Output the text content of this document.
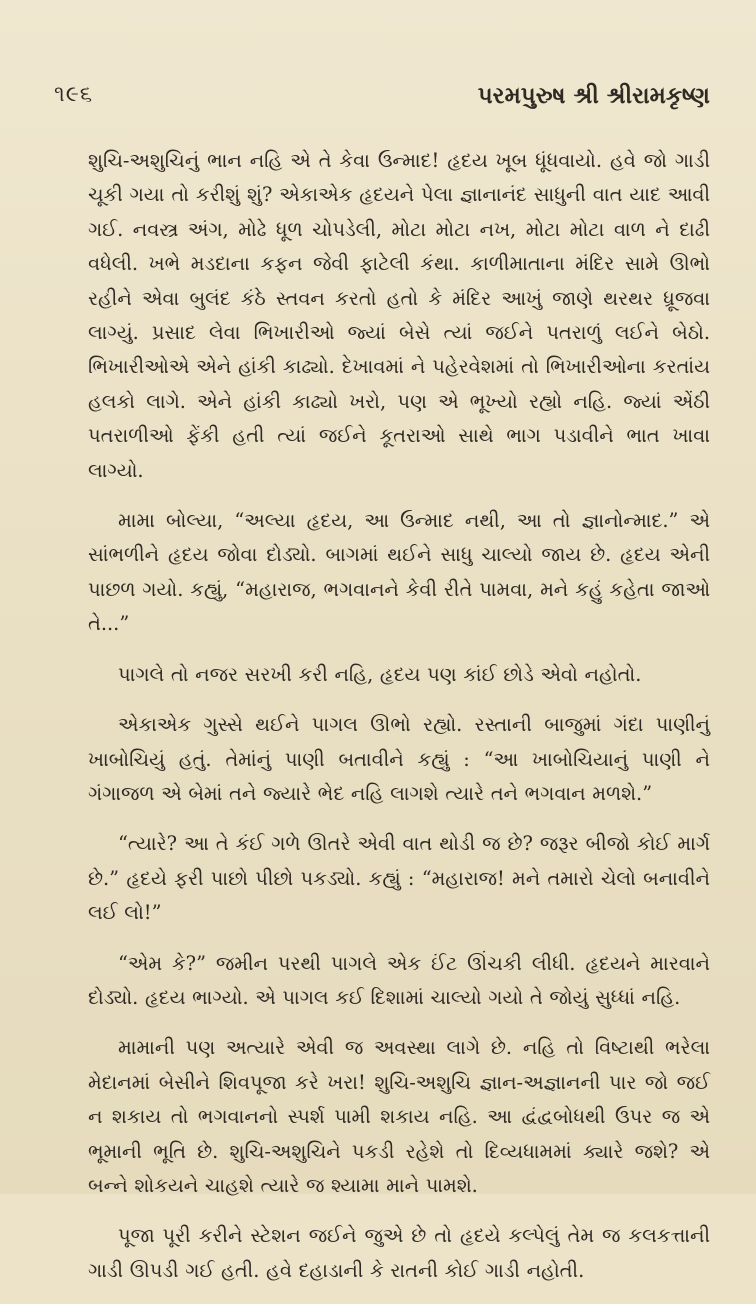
૧૯૬	પરમપુરુષ શ્રી શ્રીરામકૃષ્ણ

શુચિ-અશુચિનું ભાન નહિ એ તે કેવા ઉન્માદ! હૃદય ખૂબ ધૂંધવાયો. હવે જો ગાડી ચૂકી ગયા તો કરીશું શું? એકાએક હૃદયને પેલા જ્ઞાનાનંદ સાધુની વાત યાદ આવી ગઈ. નવસ્ત્ર અંગ, મોઢે ધૂળ ચોપડેલી, મોટા મોટા નખ, મોટા મોટા વાળ ને દાઢી વધેલી. ખભે મડદાના કફન જેવી ફાટેલી કંથા. કાળીમાતાના મંદિર સામે ઊભો રહીને એવા બુલંદ કંઠે સ્તવન કરતો હતો કે મંદિર આખું જાણે થરથર ધ્રૂજવા લાગ્યું. પ્રસાદ લેવા ભિખારીઓ જ્યાં બેસે ત્યાં જઈને પતરાળું લઈને બેઠો. ભિખારીઓએ એને હાંકી કાઢ્યો. દેખાવમાં ને પહેરવેશમાં તો ભિખારીઓના કરતાંય હલકો લાગે. એને હાંકી કાઢ્યો ખરો, પણ એ ભૂખ્યો રહ્યો નહિ. જ્યાં એંઠી પતરાળીઓ ફેંકી હતી ત્યાં જઈને કૂતરાઓ સાથે ભાગ પડાવીને ભાત ખાવા લાગ્યો.

મામા બોલ્યા, “અલ્યા હૃદય, આ ઉન્માદ નથી, આ તો જ્ઞાનોન્માદ.” એ સાંભળીને હૃદય જોવા દોડ્યો. બાગમાં થઈને સાધુ ચાલ્યો જાય છે. હૃદય એની પાછળ ગયો. કહ્યું, “મહારાજ, ભગવાનને કેવી રીતે પામવા, મને કહું કહેતા જાઓ તે...”

પાગલે તો નજર સરખી કરી નહિ, હૃદય પણ કાંઈ છોડે એવો નહોતો.

એકાએક ગુસ્સે થઈને પાગલ ઊભો રહ્યો. રસ્તાની બાજુમાં ગંદા પાણીનું ખાબોચિયું હતું. તેમાંનું પાણી બતાવીને કહ્યું : “આ ખાબોચિયાનું પાણી ને ગંગાજળ એ બેમાં તને જ્યારે ભેદ નહિ લાગશે ત્યારે તને ભગવાન મળશે.”

“ત્યારે? આ તે કંઈ ગળે ઊતરે એવી વાત થોડી જ છે? જરૂર બીજો કોઈ માર્ગ છે.” હૃદયે ફરી પાછો પીછો પકડ્યો. કહ્યું : “મહારાજ! મને તમારો ચેલો બનાવીને લઈ લો!”

“એમ કે?” જમીન પરથી પાગલે એક ઈંટ ઊંચકી લીધી. હૃદયને મારવાને દોડ્યો. હૃદય ભાગ્યો. એ પાગલ કઈ દિશામાં ચાલ્યો ગયો તે જોયું સુધ્ધાં નહિ.

મામાની પણ અત્યારે એવી જ અવસ્થા લાગે છે. નહિ તો વિષ્ટાથી ભરેલા મેદાનમાં બેસીને શિવપૂજા કરે ખરા! શુચિ-અશુચિ જ્ઞાન-અજ્ઞાનની પાર જો જઈ ન શકાય તો ભગવાનનો સ્પર્શ પામી શકાય નહિ. આ દ્વંદ્વબોધથી ઉપર જ એ ભૂમાની ભૂતિ છે. શુચિ-અશુચિને પકડી રહેશે તો દિવ્યધામમાં ક્યારે જશે? એ બન્ને શોકયને ચાહશે ત્યારે જ શ્યામા માને પામશે.

પૂજા પૂરી કરીને સ્ટેશન જઈને જુએ છે તો હૃદયે કલ્પેલું તેમ જ કલકત્તાની ગાડી ઊપડી ગઈ હતી. હવે દહાડાની કે રાતની કોઈ ગાડી નહોતી.
